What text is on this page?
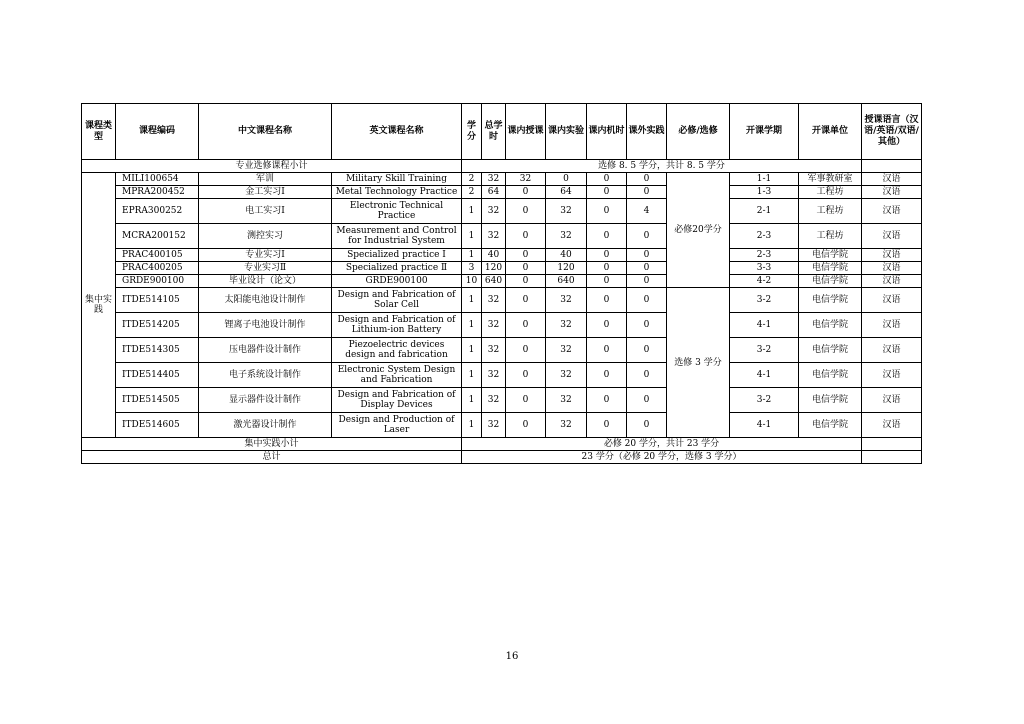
课程类型	课程编码	中文课程名称	英文课程名称	学分	总学时	课内授课	课内实验	课内机时	课外实践	必修/选修	开课学期	开课单位	授课语言（汉语/英语/双语/其他）
专业选修课程小计				选修 8. 5 学分，共计 8. 5 学分									
集中实践	MILI100654	军训	Military Skill Training	2	32	32	0	0	0	必修20学分	1-1	军事教研室	汉语
	MPRA200452	金工实习Ⅰ	Metal Technology Practice	2	64	0	64	0	0		1-3	工程坊	汉语
	EPRA300252	电工实习Ⅰ	Electronic Technical Practice	1	32	0	32	0	4		2-1	工程坊	汉语
	MCRA200152	测控实习	Measurement and Control for Industrial System	1	32	0	32	0	0		2-3	工程坊	汉语
	PRAC400105	专业实习Ⅰ	Specialized practice Ⅰ	1	40	0	40	0	0		2-3	电信学院	汉语
	PRAC400205	专业实习Ⅱ	Specialized practice Ⅱ	3	120	0	120	0	0		3-3	电信学院	汉语
	GRDE900100	毕业设计（论文）	GRDE900100	10	640	0	640	0	0		4-2	电信学院	汉语
	ITDE514105	太阳能电池设计制作	Design and Fabrication of Solar Cell	1	32	0	32	0	0	选修 3 学分	3-2	电信学院	汉语
	ITDE514205	锂离子电池设计制作	Design and Fabrication of Lithium-ion Battery	1	32	0	32	0	0		4-1	电信学院	汉语
	ITDE514305	压电器件设计制作	Piezoelectric devices design and fabrication	1	32	0	32	0	0		3-2	电信学院	汉语
	ITDE514405	电子系统设计制作	Electronic System Design and Fabrication	1	32	0	32	0	0		4-1	电信学院	汉语
	ITDE514505	显示器件设计制作	Design and Fabrication of Display Devices	1	32	0	32	0	0		3-2	电信学院	汉语
	ITDE514605	激光器设计制作	Design and Production of Laser	1	32	0	32	0	0		4-1	电信学院	汉语
集中实践小计				必修 20 学分，共计 23 学分									
总计				23 学分（必修 20 学分，选修 3 学分）									
16
